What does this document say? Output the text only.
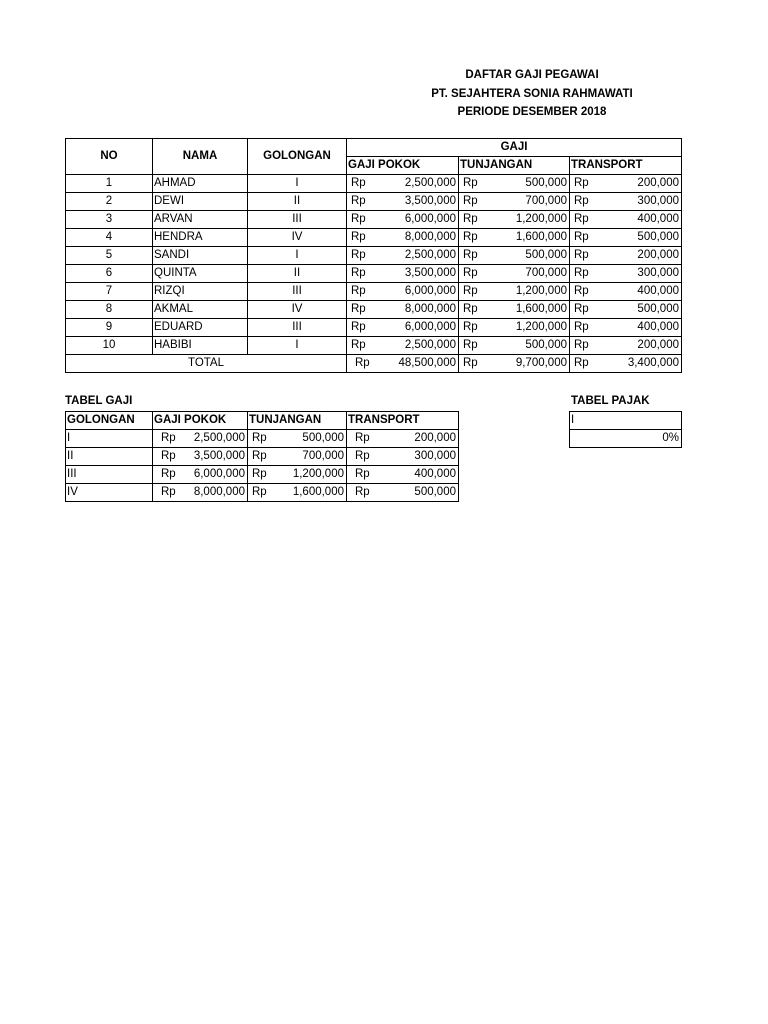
DAFTAR GAJI PEGAWAI
PT. SEJAHTERA SONIA RAHMAWATI
PERIODE DESEMBER 2018
NO	NAMA	GOLONGAN	GAJI		
			GAJI POKOK	TUNJANGAN	TRANSPORT
1	AHMAD	I	Rp 2,500,000	Rp 500,000	Rp 200,000

2	DEWI	II	Rp 3,500,000	Rp 700,000	Rp 300,000

3	ARVAN	III	Rp 6,000,000	Rp 1,200,000	Rp 400,000

4	HENDRA	IV	Rp 8,000,000	Rp 1,600,000	Rp 500,000

5	SANDI	I	Rp 2,500,000	Rp 500,000	Rp 200,000

6	QUINTA	II	Rp 3,500,000	Rp 700,000	Rp 300,000

7	RIZQI	III	Rp 6,000,000	Rp 1,200,000	Rp 400,000

8	AKMAL	IV	Rp 8,000,000	Rp 1,600,000	Rp 500,000

9	EDUARD	III	Rp 6,000,000	Rp 1,200,000	Rp 400,000

10	HABIBI	I	Rp 2,500,000	Rp 500,000	Rp 200,000

TOTAL			Rp 48,500,000	Rp 9,700,000	Rp 3,400,000
TABEL GAJI	TABEL PAJAK
GOLONGAN	GAJI POKOK	TUNJANGAN	TRANSPORT
I	Rp 2,500,000	Rp 500,000	Rp 200,000

II	Rp 3,500,000	Rp 700,000	Rp 300,000

III	Rp 6,000,000	Rp 1,200,000	Rp 400,000

IV	Rp 8,000,000	Rp 1,600,000	Rp 500,000
I
0%
